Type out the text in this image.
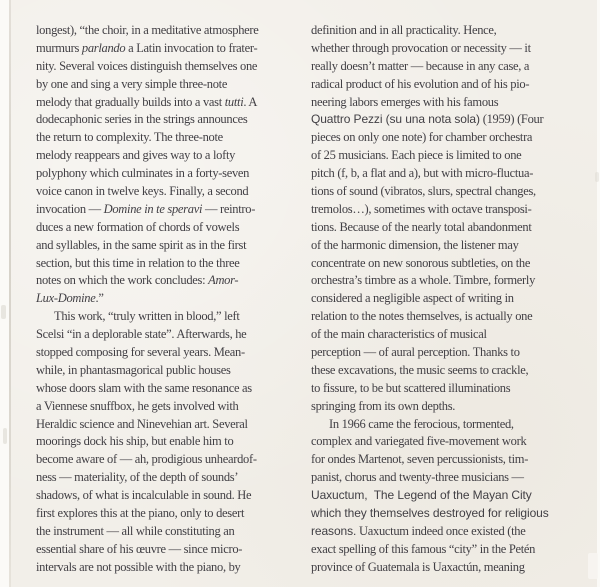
longest), “the choir, in a meditative atmosphere
murmurs parlando a Latin invocation to frater-
nity. Several voices distinguish themselves one
by one and sing a very simple three-note
melody that gradually builds into a vast tutti. A
dodecaphonic series in the strings announces
the return to complexity. The three-note
melody reappears and gives way to a lofty
polyphony which culminates in a forty-seven
voice canon in twelve keys. Finally, a second
invocation — Domine in te speravi — reintro-
duces a new formation of chords of vowels
and syllables, in the same spirit as in the first
section, but this time in relation to the three
notes on which the work concludes: Amor-
Lux-Domine.”
This work, “truly written in blood,” left
Scelsi “in a deplorable state”. Afterwards, he
stopped composing for several years. Mean-
while, in phantasmagorical public houses
whose doors slam with the same resonance as
a Viennese snuffbox, he gets involved with
Heraldic science and Ninevehian art. Several
moorings dock his ship, but enable him to
become aware of — ah, prodigious unheardof-
ness — materiality, of the depth of sounds’
shadows, of what is incalculable in sound. He
first explores this at the piano, only to desert
the instrument — all while constituting an
essential share of his œuvre — since micro-
intervals are not possible with the piano, by
definition and in all practicality. Hence,
whether through provocation or necessity — it
really doesn’t matter — because in any case, a
radical product of his evolution and of his pio-
neering labors emerges with his famous
Quattro Pezzi (su una nota sola) (1959) (Four
pieces on only one note) for chamber orchestra
of 25 musicians. Each piece is limited to one
pitch (f, b, a flat and a), but with micro-fluctua-
tions of sound (vibratos, slurs, spectral changes,
tremolos…), sometimes with octave transposi-
tions. Because of the nearly total abandonment
of the harmonic dimension, the listener may
concentrate on new sonorous subtleties, on the
orchestra’s timbre as a whole. Timbre, formerly
considered a negligible aspect of writing in
relation to the notes themselves, is actually one
of the main characteristics of musical
perception — of aural perception. Thanks to
these excavations, the music seems to crackle,
to fissure, to be but scattered illuminations
springing from its own depths.
In 1966 came the ferocious, tormented,
complex and variegated five-movement work
for ondes Martenot, seven percussionists, tim-
panist, chorus and twenty-three musicians —
Uaxuctum,  The Legend of the Mayan City
which they themselves destroyed for religious
reasons. Uaxuctum indeed once existed (the
exact spelling of this famous “city” in the Petén
province of Guatemala is Uaxactún, meaning
